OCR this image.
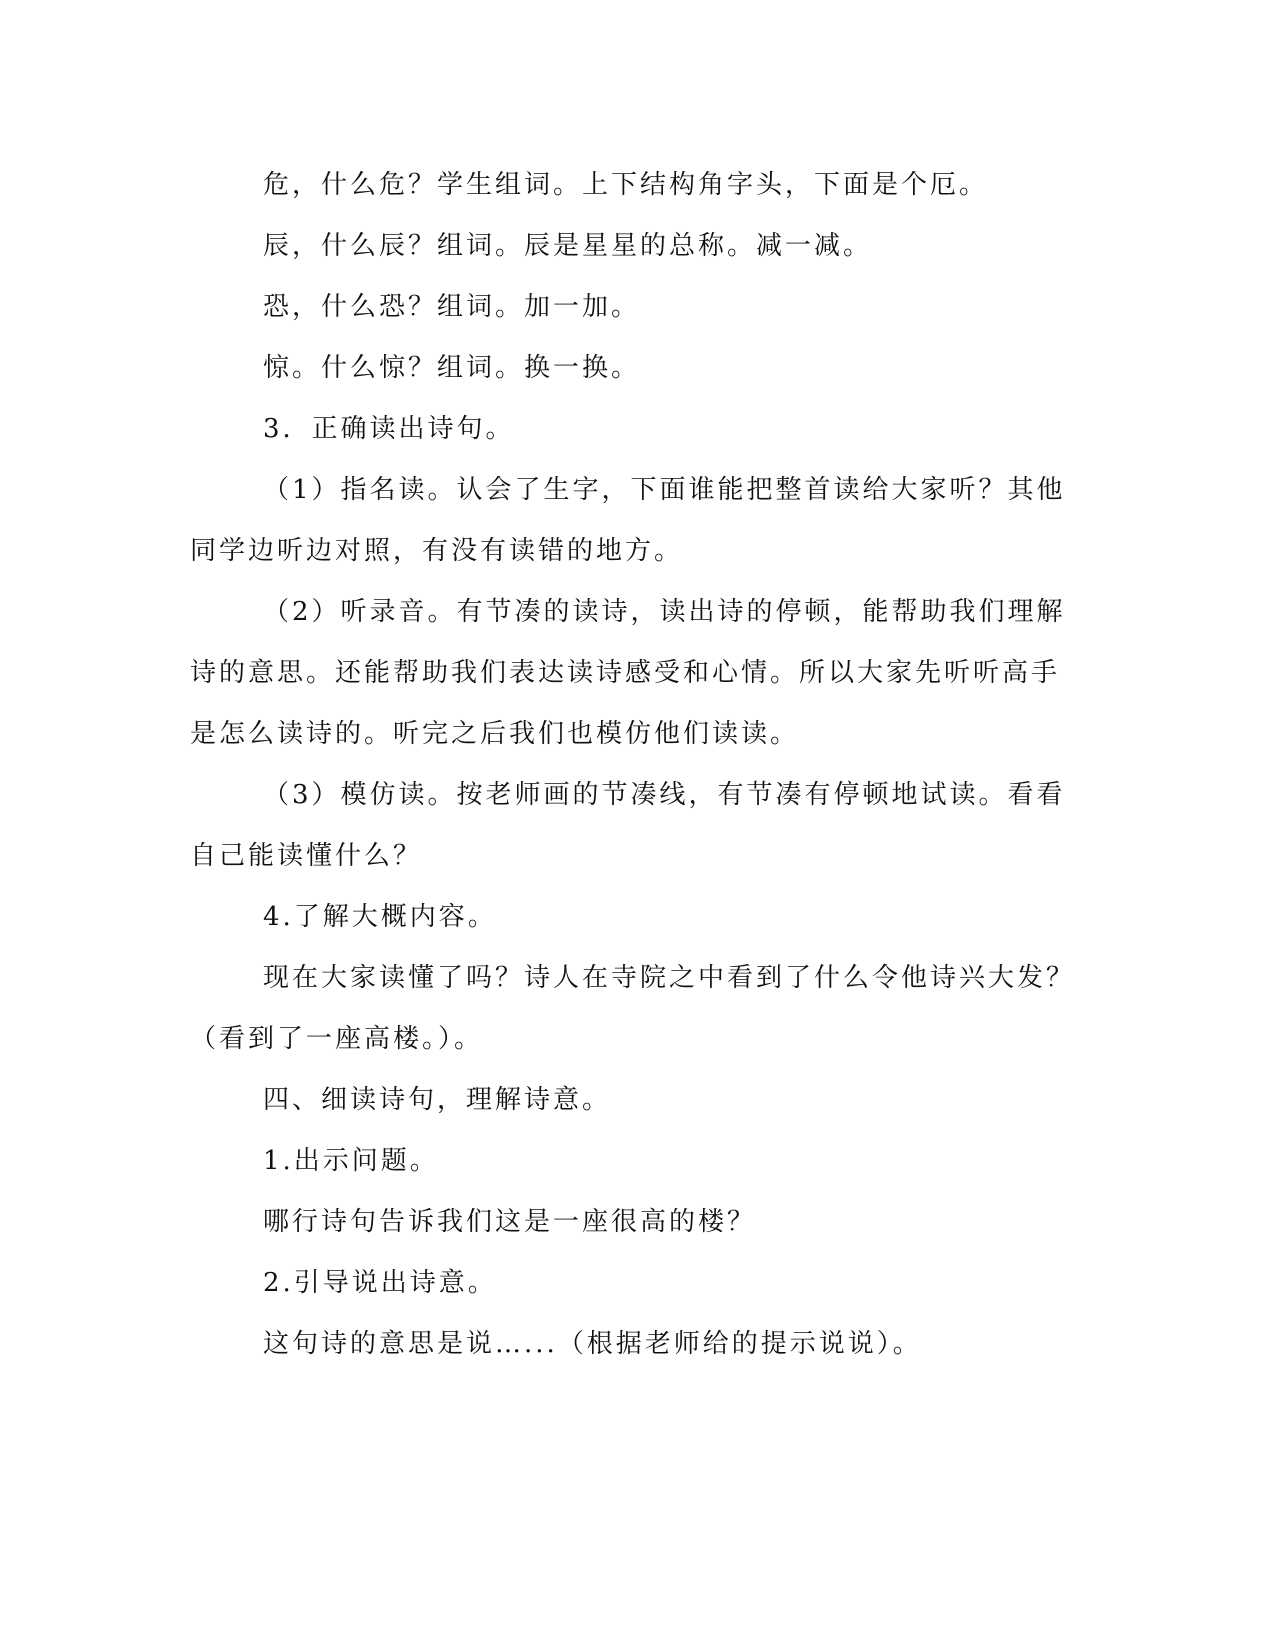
危，什么危？学生组词。上下结构角字头，下面是个厄。
辰，什么辰？组词。辰是星星的总称。减一减。
恐，什么恐？组词。加一加。
惊。什么惊？组词。换一换。
3．正确读出诗句。
（1）指名读。认会了生字，下面谁能把整首读给大家听？其他
同学边听边对照，有没有读错的地方。
（2）听录音。有节凑的读诗，读出诗的停顿，能帮助我们理解
诗的意思。还能帮助我们表达读诗感受和心情。所以大家先听听高手
是怎么读诗的。听完之后我们也模仿他们读读。
（3）模仿读。按老师画的节凑线，有节凑有停顿地试读。看看
自己能读懂什么？
4.了解大概内容。
现在大家读懂了吗？诗人在寺院之中看到了什么令他诗兴大发？
（看到了一座高楼。）。
四、细读诗句，理解诗意。
1.出示问题。
哪行诗句告诉我们这是一座很高的楼？
2.引导说出诗意。
这句诗的意思是说…...（根据老师给的提示说说）。
